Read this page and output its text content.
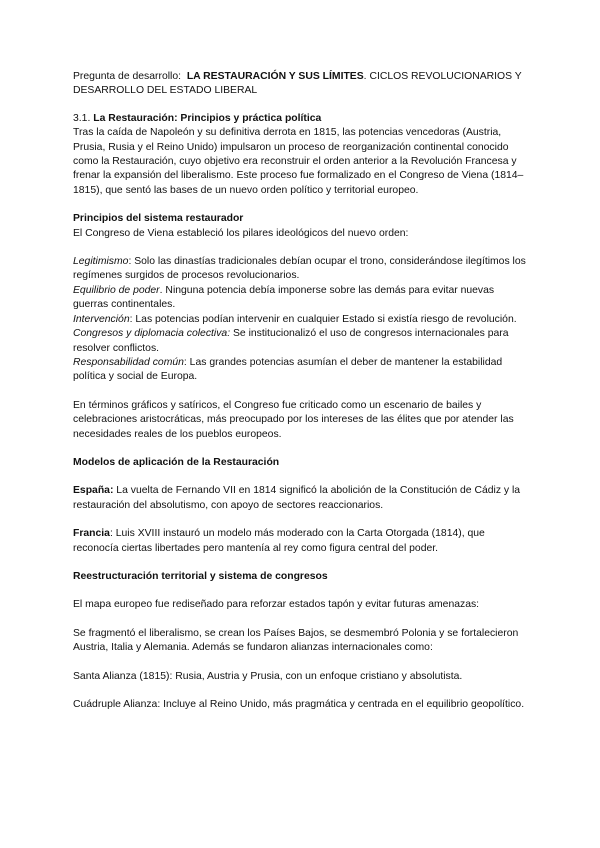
Pregunta de desarrollo: LA RESTAURACIÓN Y SUS LÍMITES. CICLOS REVOLUCIONARIOS Y DESARROLLO DEL ESTADO LIBERAL

3.1. La Restauración: Principios y práctica política

Tras la caída de Napoleón y su definitiva derrota en 1815, las potencias vencedoras (Austria, Prusia, Rusia y el Reino Unido) impulsaron un proceso de reorganización continental conocido como la Restauración, cuyo objetivo era reconstruir el orden anterior a la Revolución Francesa y frenar la expansión del liberalismo. Este proceso fue formalizado en el Congreso de Viena (1814–1815), que sentó las bases de un nuevo orden político y territorial europeo.

Principios del sistema restaurador

El Congreso de Viena estableció los pilares ideológicos del nuevo orden:

Legitimismo: Solo las dinastías tradicionales debían ocupar el trono, considerándose ilegítimos los regímenes surgidos de procesos revolucionarios.

Equilibrio de poder. Ninguna potencia debía imponerse sobre las demás para evitar nuevas guerras continentales.

Intervención: Las potencias podían intervenir en cualquier Estado si existía riesgo de revolución.

Congresos y diplomacia colectiva: Se institucionalizó el uso de congresos internacionales para resolver conflictos.

Responsabilidad común: Las grandes potencias asumían el deber de mantener la estabilidad política y social de Europa.

En términos gráficos y satíricos, el Congreso fue criticado como un escenario de bailes y celebraciones aristocráticas, más preocupado por los intereses de las élites que por atender las necesidades reales de los pueblos europeos.

Modelos de aplicación de la Restauración

España: La vuelta de Fernando VII en 1814 significó la abolición de la Constitución de Cádiz y la restauración del absolutismo, con apoyo de sectores reaccionarios.

Francia: Luis XVIII instauró un modelo más moderado con la Carta Otorgada (1814), que reconocía ciertas libertades pero mantenía al rey como figura central del poder.

Reestructuración territorial y sistema de congresos

El mapa europeo fue rediseñado para reforzar estados tapón y evitar futuras amenazas:

Se fragmentó el liberalismo, se crean los Países Bajos, se desmembró Polonia y se fortalecieron Austria, Italia y Alemania. Además se fundaron alianzas internacionales como:

Santa Alianza (1815): Rusia, Austria y Prusia, con un enfoque cristiano y absolutista.

Cuádruple Alianza: Incluye al Reino Unido, más pragmática y centrada en el equilibrio geopolítico.
